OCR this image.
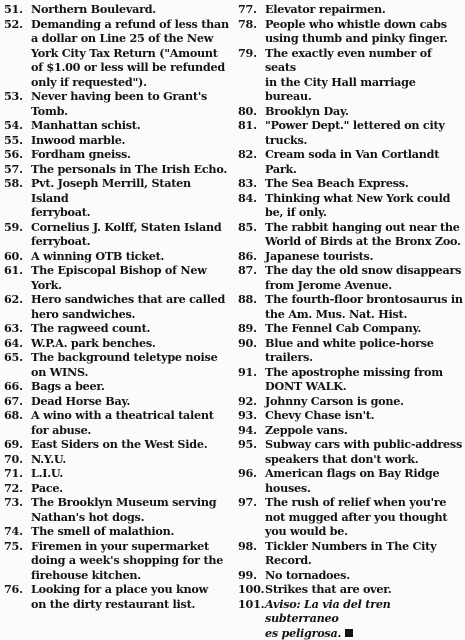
51. Northern Boulevard.
52. Demanding a refund of less than
a dollar on Line 25 of the New
York City Tax Return ("Amount
of $1.00 or less will be refunded
only if requested").
53. Never having been to Grant's
Tomb.
54. Manhattan schist.
55. Inwood marble.
56. Fordham gneiss.
57. The personals in The Irish Echo.
58. Pvt. Joseph Merrill, Staten Island
ferryboat.
59. Cornelius J. Kolff, Staten Island
ferryboat.
60. A winning OTB ticket.
61. The Episcopal Bishop of New
York.
62. Hero sandwiches that are called
hero sandwiches.
63. The ragweed count.
64. W.P.A. park benches.
65. The background teletype noise
on WINS.
66. Bags a beer.
67. Dead Horse Bay.
68. A wino with a theatrical talent
for abuse.
69. East Siders on the West Side.
70. N.Y.U.
71. L.I.U.
72. Pace.
73. The Brooklyn Museum serving
Nathan's hot dogs.
74. The smell of malathion.
75. Firemen in your supermarket
doing a week's shopping for the
firehouse kitchen.
76. Looking for a place you know
on the dirty restaurant list.
77. Elevator repairmen.
78. People who whistle down cabs
using thumb and pinky finger.
79. The exactly even number of seats
in the City Hall marriage bureau.
80. Brooklyn Day.
81. "Power Dept." lettered on city
trucks.
82. Cream soda in Van Cortlandt
Park.
83. The Sea Beach Express.
84. Thinking what New York could
be, if only.
85. The rabbit hanging out near the
World of Birds at the Bronx Zoo.
86. Japanese tourists.
87. The day the old snow disappears
from Jerome Avenue.
88. The fourth-floor brontosaurus in
the Am. Mus. Nat. Hist.
89. The Fennel Cab Company.
90. Blue and white police-horse
trailers.
91. The apostrophe missing from
DONT WALK.
92. Johnny Carson is gone.
93. Chevy Chase isn't.
94. Zeppole vans.
95. Subway cars with public-address
speakers that don't work.
96. American flags on Bay Ridge
houses.
97. The rush of relief when you're
not mugged after you thought
you would be.
98. Tickler Numbers in The City
Record.
99. No tornadoes.
100. Strikes that are over.
101. Aviso: La via del tren subterraneo
es peligrosa.
